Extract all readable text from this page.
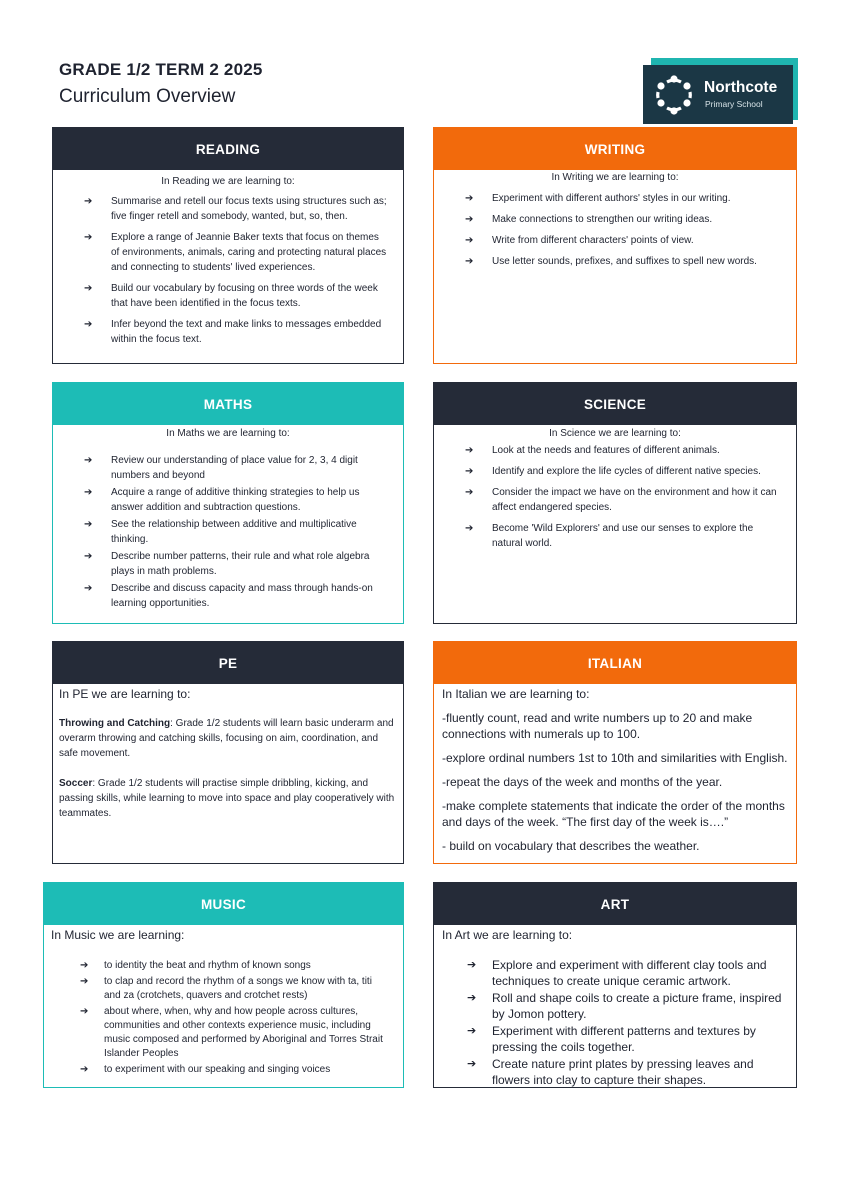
GRADE 1/2 TERM 2 2025
Curriculum Overview	Northcote
Primary School
READING
In Reading we are learning to:
➔ Summarise and retell our focus texts using structures such as; five finger retell and somebody, wanted, but, so, then.
➔ Explore a range of Jeannie Baker texts that focus on themes of environments, animals, caring and protecting natural places and connecting to students' lived experiences.
➔ Build our vocabulary by focusing on three words of the week that have been identified in the focus texts.
➔ Infer beyond the text and make links to messages embedded within the focus text.
WRITING
In Writing we are learning to:
➔ Experiment with different authors' styles in our writing.
➔ Make connections to strengthen our writing ideas.
➔ Write from different characters' points of view.
➔ Use letter sounds, prefixes, and suffixes to spell new words.
MATHS
In Maths we are learning to:
➔ Review our understanding of place value for 2, 3, 4 digit numbers and beyond
➔ Acquire a range of additive thinking strategies to help us answer addition and subtraction questions.
➔ See the relationship between additive and multiplicative thinking.
➔ Describe number patterns, their rule and what role algebra plays in math problems.
➔ Describe and discuss capacity and mass through hands-on learning opportunities.
SCIENCE
In Science we are learning to:
➔ Look at the needs and features of different animals.
➔ Identify and explore the life cycles of different native species.
➔ Consider the impact we have on the environment and how it can affect endangered species.
➔ Become 'Wild Explorers' and use our senses to explore the natural world.
PE
In PE we are learning to:
Throwing and Catching: Grade 1/2 students will learn basic underarm and overarm throwing and catching skills, focusing on aim, coordination, and safe movement.
Soccer: Grade 1/2 students will practise simple dribbling, kicking, and passing skills, while learning to move into space and play cooperatively with teammates.
ITALIAN
In Italian we are learning to:
-fluently count, read and write numbers up to 20 and make connections with numerals up to 100.
-explore ordinal numbers 1st to 10th and similarities with English.
-repeat the days of the week and months of the year.
-make complete statements that indicate the order of the months and days of the week. “The first day of the week is….”
- build on vocabulary that describes the weather.
MUSIC
In Music we are learning:
➔ to identity the beat and rhythm of known songs
➔ to clap and record the rhythm of a songs we know with ta, titi and za (crotchets, quavers and crotchet rests)
➔ about where, when, why and how people across cultures, communities and other contexts experience music, including music composed and performed by Aboriginal and Torres Strait Islander Peoples
➔ to experiment with our speaking and singing voices
ART
In Art we are learning to:
➔ Explore and experiment with different clay tools and techniques to create unique ceramic artwork.
➔ Roll and shape coils to create a picture frame, inspired by Jomon pottery.
➔ Experiment with different patterns and textures by pressing the coils together.
➔ Create nature print plates by pressing leaves and flowers into clay to capture their shapes.
